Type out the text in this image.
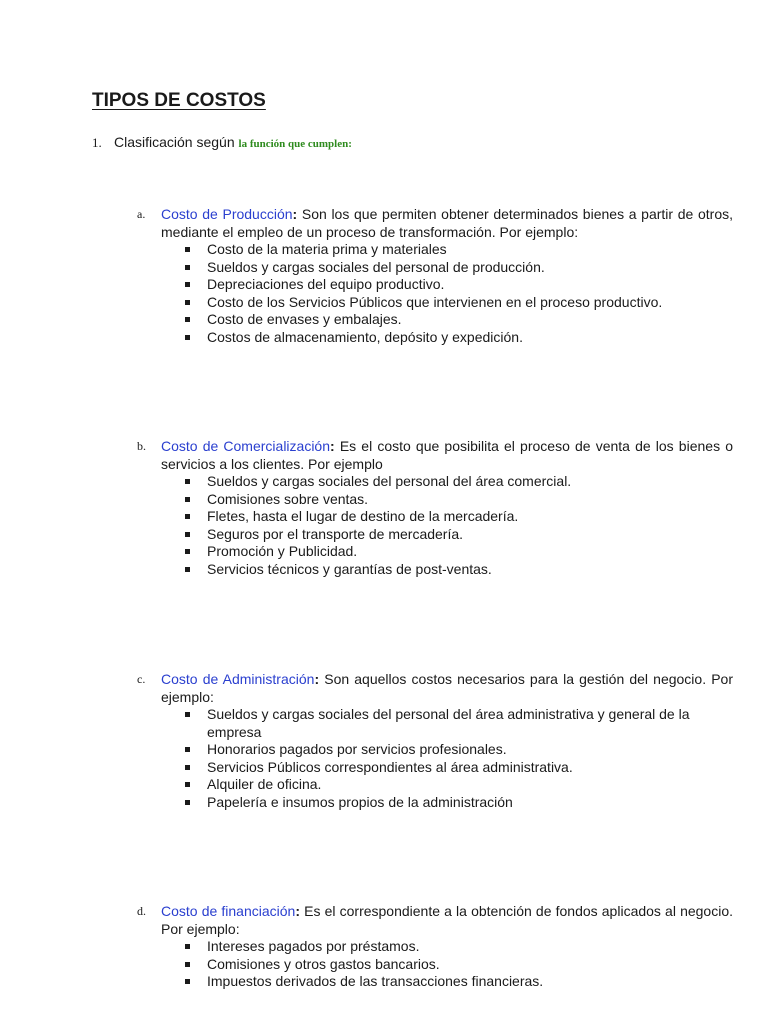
TIPOS DE COSTOS
1. Clasificación según la función que cumplen:
a. Costo de Producción: Son los que permiten obtener determinados bienes a partir de otros, mediante el empleo de un proceso de transformación. Por ejemplo:
Costo de la materia prima y materiales
Sueldos y cargas sociales del personal de producción.
Depreciaciones del equipo productivo.
Costo de los Servicios Públicos que intervienen en el proceso productivo.
Costo de envases y embalajes.
Costos de almacenamiento, depósito y expedición.
b. Costo de Comercialización: Es el costo que posibilita el proceso de venta de los bienes o servicios a los clientes. Por ejemplo
Sueldos y cargas sociales del personal del área comercial.
Comisiones sobre ventas.
Fletes, hasta el lugar de destino de la mercadería.
Seguros por el transporte de mercadería.
Promoción y Publicidad.
Servicios técnicos y garantías de post-ventas.
c. Costo de Administración: Son aquellos costos necesarios para la gestión del negocio. Por ejemplo:
Sueldos y cargas sociales del personal del área administrativa y general de la empresa
Honorarios pagados por servicios profesionales.
Servicios Públicos correspondientes al área administrativa.
Alquiler de oficina.
Papelería e insumos propios de la administración
d. Costo de financiación: Es el correspondiente a la obtención de fondos aplicados al negocio. Por ejemplo:
Intereses pagados por préstamos.
Comisiones y otros gastos bancarios.
Impuestos derivados de las transacciones financieras.
